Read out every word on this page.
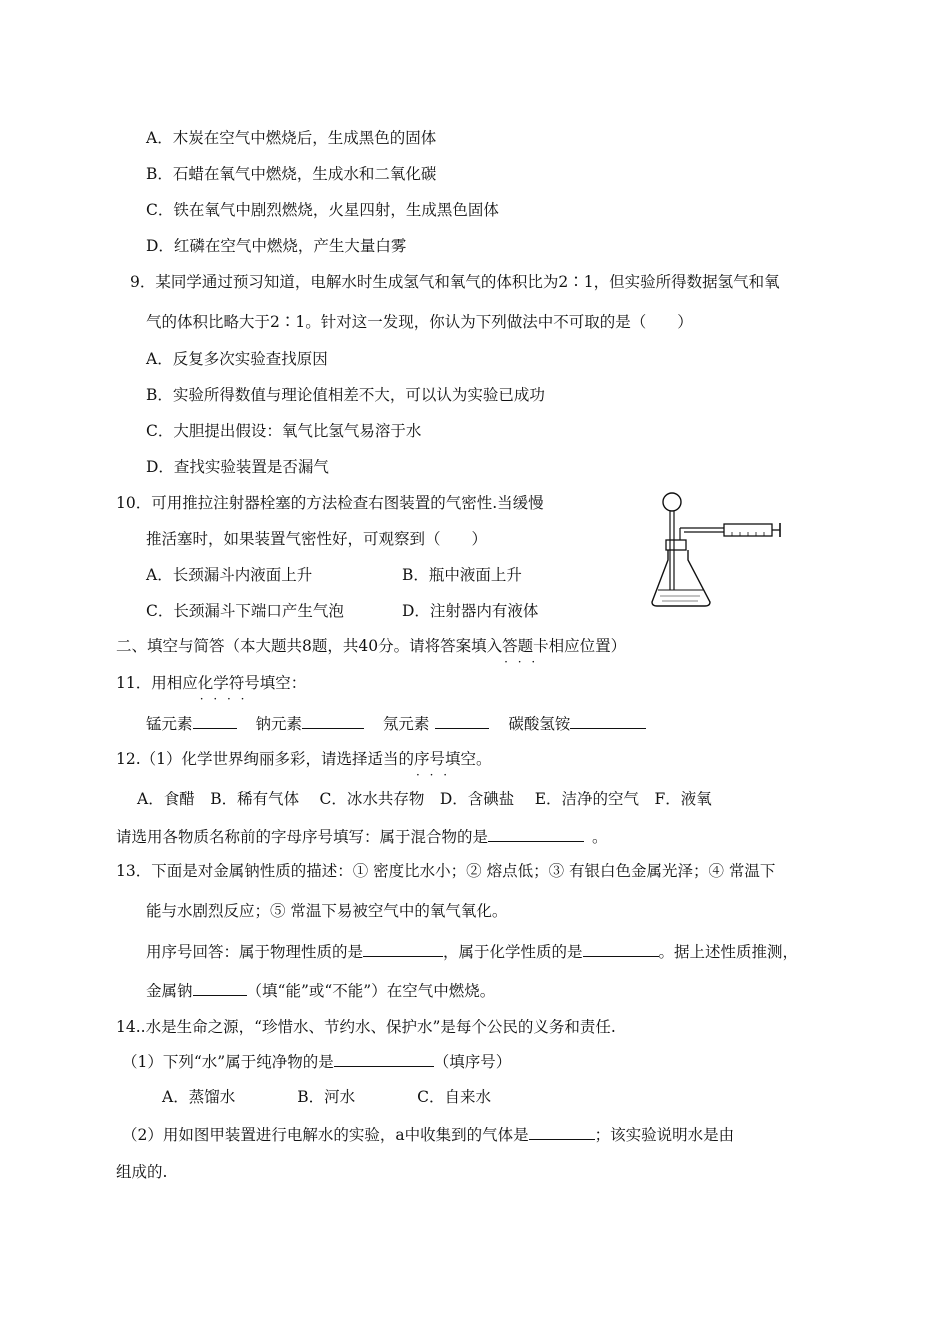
A．木炭在空气中燃烧后，生成黑色的固体
B．石蜡在氧气中燃烧，生成水和二氧化碳
C．铁在氧气中剧烈燃烧，火星四射，生成黑色固体
D．红磷在空气中燃烧，产生大量白雾
9．某同学通过预习知道，电解水时生成氢气和氧气的体积比为2∶1，但实验所得数据氢气和氧
气的体积比略大于2∶1。针对这一发现，你认为下列做法中不可取的是（　　）
A．反复多次实验查找原因
B．实验所得数值与理论值相差不大，可以认为实验已成功
C．大胆提出假设：氧气比氢气易溶于水
D．查找实验装置是否漏气
10．可用推拉注射器栓塞的方法检查右图装置的气密性.当缓慢
推活塞时，如果装置气密性好，可观察到（　　）
A．长颈漏斗内液面上升	B．瓶中液面上升
C．长颈漏斗下端口产生气泡	D．注射器内有液体
二、填空与简答（本大题共8题，共40分。请将答案填入答题卡 · · ·相应位置）
11．用相应化学符号 · · · ·填空：
锰元素	钠元素	氖元素	碳酸氢铵
12.（1）化学世界绚丽多彩，请选择适当的序号 · · ·填空。
A．食醋　B．稀有气体　 C．冰水共存物　D．含碘盐　 E．洁净的空气　F．液氧
请选用各物质名称前的字母序号填写：属于混合物的是	。
13．下面是对金属钠性质的描述：① 密度比水小；② 熔点低；③ 有银白色金属光泽；④ 常温下
能与水剧烈反应；⑤ 常温下易被空气中的氧气氧化。
用序号回答：属于物理性质的是	，属于化学性质的是	。据上述性质推测，
金属钠	（填“能”或“不能”）在空气中燃烧。
14..水是生命之源，“珍惜水、节约水、保护水”是每个公民的义务和责任.
（1）下列“水”属于纯净物的是	（填序号）
A．蒸馏水　　　　B．河水　　　　C．自来水
（2）用如图甲装置进行电解水的实验，a中收集到的气体是	；该实验说明水是由
组成的.
